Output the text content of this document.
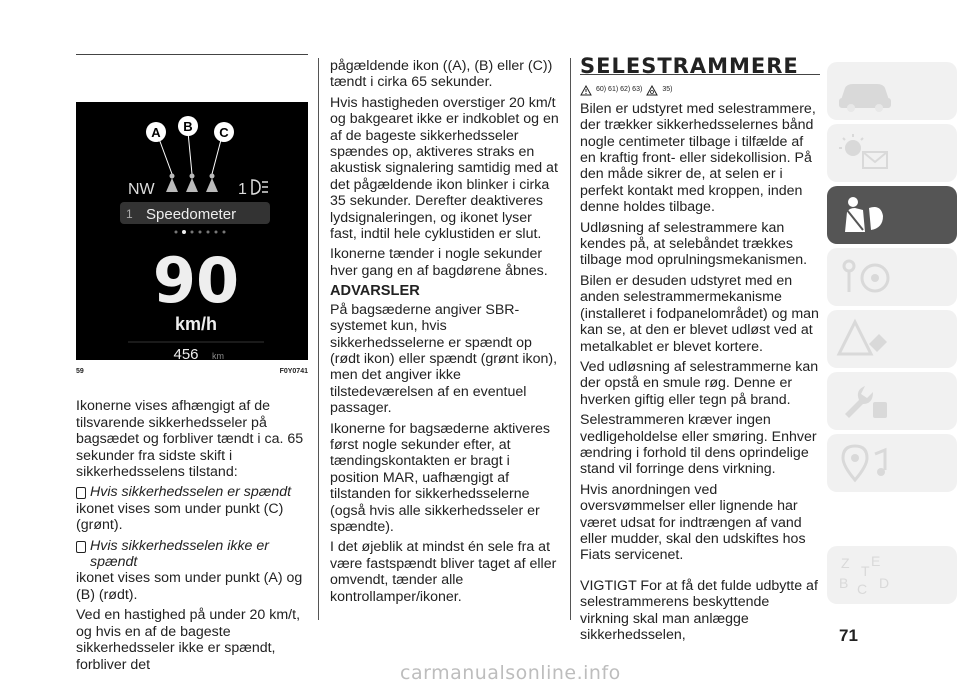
A B C
NW	1
1 Speedometer
90
km/h
456 km
59	F0Y0741

Ikonerne vises afhængigt af de tilsvarende sikkerhedsseler på bagsædet og forbliver tændt i ca. 65 sekunder fra sidste skift i sikkerhedsselens tilstand:

Hvis sikkerhedsselen er spændt

ikonet vises som under punkt (C) (grønt).

Hvis sikkerhedsselen ikke er spændt

ikonet vises som under punkt (A) og (B) (rødt).

Ved en hastighed på under 20 km/t, og hvis en af de bageste sikkerhedsseler ikke er spændt, forbliver det

pågældende ikon ((A), (B) eller (C)) tændt i cirka 65 sekunder.

Hvis hastigheden overstiger 20 km/t og bakgearet ikke er indkoblet og en af de bageste sikkerhedsseler spændes op, aktiveres straks en akustisk signalering samtidig med at det pågældende ikon blinker i cirka 35 sekunder. Derefter deaktiveres lydsignaleringen, og ikonet lyser fast, indtil hele cyklustiden er slut.

Ikonerne tænder i nogle sekunder hver gang en af bagdørene åbnes.

ADVARSLER

På bagsæderne angiver SBR-systemet kun, hvis sikkerhedsselerne er spændt op (rødt ikon) eller spændt (grønt ikon), men det angiver ikke tilstedeværelsen af en eventuel passager.

Ikonerne for bagsæderne aktiveres først nogle sekunder efter, at tændingskontakten er bragt i position MAR, uafhængigt af tilstanden for sikkerhedsselerne (også hvis alle sikkerhedsseler er spændte).

I det øjeblik at mindst én sele fra at være fastspændt bliver taget af eller omvendt, tænder alle kontrollamper/ikoner.

SELESTRAMMERE
60) 61) 62) 63)	35)

Bilen er udstyret med selestrammere, der trækker sikkerhedsselernes bånd nogle centimeter tilbage i tilfælde af en kraftig front- eller sidekollision. På den måde sikrer de, at selen er i perfekt kontakt med kroppen, inden denne holdes tilbage.

Udløsning af selestrammere kan kendes på, at selebåndet trækkes tilbage mod oprulningsmekanismen.

Bilen er desuden udstyret med en anden selestrammermekanisme (installeret i fodpanelområdet) og man kan se, at den er blevet udløst ved at metalkablet er blevet kortere.

Ved udløsning af selestrammerne kan der opstå en smule røg. Denne er hverken giftig eller tegn på brand.

Selestrammeren kræver ingen vedligeholdelse eller smøring. Enhver ændring i forhold til dens oprindelige stand vil forringe dens virkning.

Hvis anordningen ved oversvømmelser eller lignende har været udsat for indtrængen af vand eller mudder, skal den udskiftes hos Fiats servicenet.

VIGTIGT For at få det fulde udbytte af selestrammerens beskyttende virkning skal man anlægge sikkerhedsselen,

Z E
B C D
T
71
carmanualsonline.info
